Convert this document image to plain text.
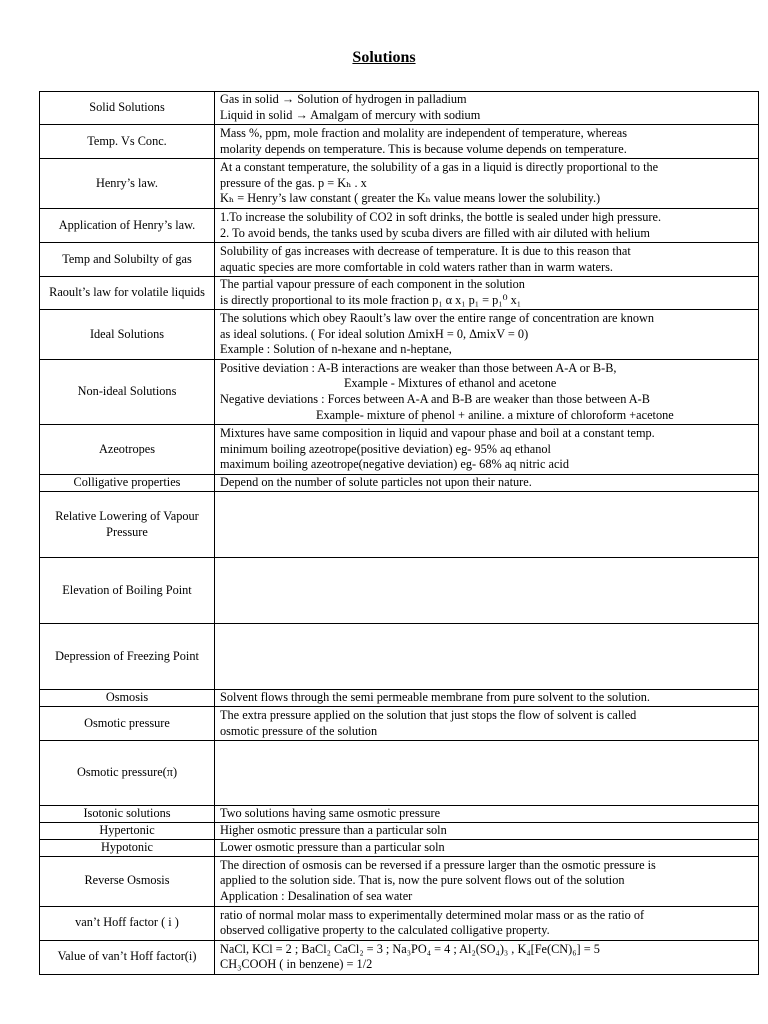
Solutions
Solid Solutions	Gas in solid → Solution of hydrogen in palladium
Liquid in solid → Amalgam of mercury with sodium

Temp. Vs Conc.	Mass %, ppm, mole fraction and molality are independent of temperature, whereas
molarity depends on temperature. This is because volume depends on temperature.

Henry’s law.	At a constant temperature, the solubility of a gas in a liquid is directly proportional to the
pressure of the gas. p = Kₕ . x
Kₕ = Henry’s law constant ( greater the Kₕ value means lower the solubility.)

Application of Henry’s law.	1.To increase the solubility of CO2 in soft drinks, the bottle is sealed under high pressure.
2. To avoid bends, the tanks used by scuba divers are filled with air diluted with helium

Temp and Solubilty of gas	Solubility of gas increases with decrease of temperature. It is due to this reason that
aquatic species are more comfortable in cold waters rather than in warm waters.

Raoult’s law for volatile liquids	The partial vapour pressure of each component in the solution
is directly proportional to its mole fraction p₁ α x₁ p₁ = p₁⁰ x₁

Ideal Solutions	The solutions which obey Raoult’s law over the entire range of concentration are known
as ideal solutions. ( For ideal solution ΔmixH = 0, ΔmixV = 0)
Example : Solution of n-hexane and n-heptane,

Non-ideal Solutions	Positive deviation : A-B interactions are weaker than those between A-A or B-B,
Example - Mixtures of ethanol and acetone
Negative deviations : Forces between A-A and B-B are weaker than those between A-B
Example- mixture of phenol + aniline. a mixture of chloroform +acetone

Azeotropes	Mixtures have same composition in liquid and vapour phase and boil at a constant temp.
minimum boiling azeotrope(positive deviation) eg- 95% aq ethanol
maximum boiling azeotrope(negative deviation) eg- 68% aq nitric acid

Colligative properties	Depend on the number of solute particles not upon their nature.

Relative Lowering of Vapour Pressure	
Elevation of Boiling Point	
Depression of Freezing Point	
Osmosis	Solvent flows through the semi permeable membrane from pure solvent to the solution.

Osmotic pressure	The extra pressure applied on the solution that just stops the flow of solvent is called
osmotic pressure of the solution

Osmotic pressure(π)	
Isotonic solutions	Two solutions having same osmotic pressure

Hypertonic	Higher osmotic pressure than a particular soln

Hypotonic	Lower osmotic pressure than a particular soln

Reverse Osmosis	The direction of osmosis can be reversed if a pressure larger than the osmotic pressure is
applied to the solution side. That is, now the pure solvent flows out of the solution
Application : Desalination of sea water

van’t Hoff factor ( i )	ratio of normal molar mass to experimentally determined molar mass or as the ratio of
observed colligative property to the calculated colligative property.

Value of van’t Hoff factor(i)	NaCl, KCl = 2 ; BaCl₂ CaCl₂ = 3 ; Na₃PO₄ = 4 ; Al₂(SO₄)₃ , K₄[Fe(CN)₆] = 5
CH₃COOH ( in benzene) = 1/2
